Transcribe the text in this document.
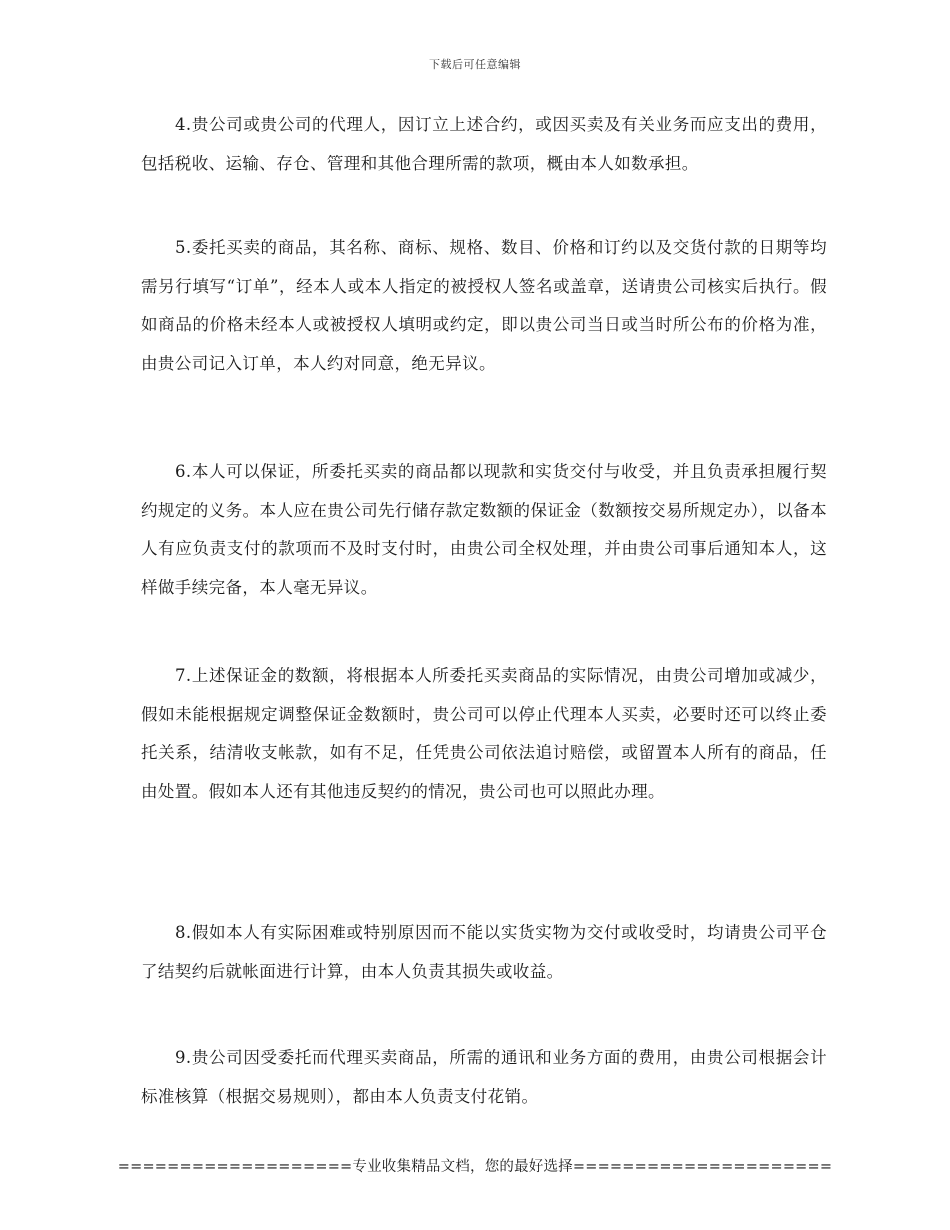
下载后可任意编辑

4.贵公司或贵公司的代理人，因订立上述合约，或因买卖及有关业务而应支出的费用，包括税收、运输、存仓、管理和其他合理所需的款项，概由本人如数承担。

5.委托买卖的商品，其名称、商标、规格、数目、价格和订约以及交货付款的日期等均需另行填写“订单”，经本人或本人指定的被授权人签名或盖章，送请贵公司核实后执行。假如商品的价格未经本人或被授权人填明或约定，即以贵公司当日或当时所公布的价格为准，由贵公司记入订单，本人约对同意，绝无异议。

6.本人可以保证，所委托买卖的商品都以现款和实货交付与收受，并且负责承担履行契约规定的义务。本人应在贵公司先行储存款定数额的保证金（数额按交易所规定办），以备本人有应负责支付的款项而不及时支付时，由贵公司全权处理，并由贵公司事后通知本人，这样做手续完备，本人毫无异议。

7.上述保证金的数额，将根据本人所委托买卖商品的实际情况，由贵公司增加或减少，假如未能根据规定调整保证金数额时，贵公司可以停止代理本人买卖，必要时还可以终止委托关系，结清收支帐款，如有不足，任凭贵公司依法追讨赔偿，或留置本人所有的商品，任由处置。假如本人还有其他违反契约的情况，贵公司也可以照此办理。

8.假如本人有实际困难或特别原因而不能以实货实物为交付或收受时，均请贵公司平仓了结契约后就帐面进行计算，由本人负责其损失或收益。

9.贵公司因受委托而代理买卖商品，所需的通讯和业务方面的费用，由贵公司根据会计标准核算（根据交易规则），都由本人负责支付花销。

===================专业收集精品文档，您的最好选择=====================
